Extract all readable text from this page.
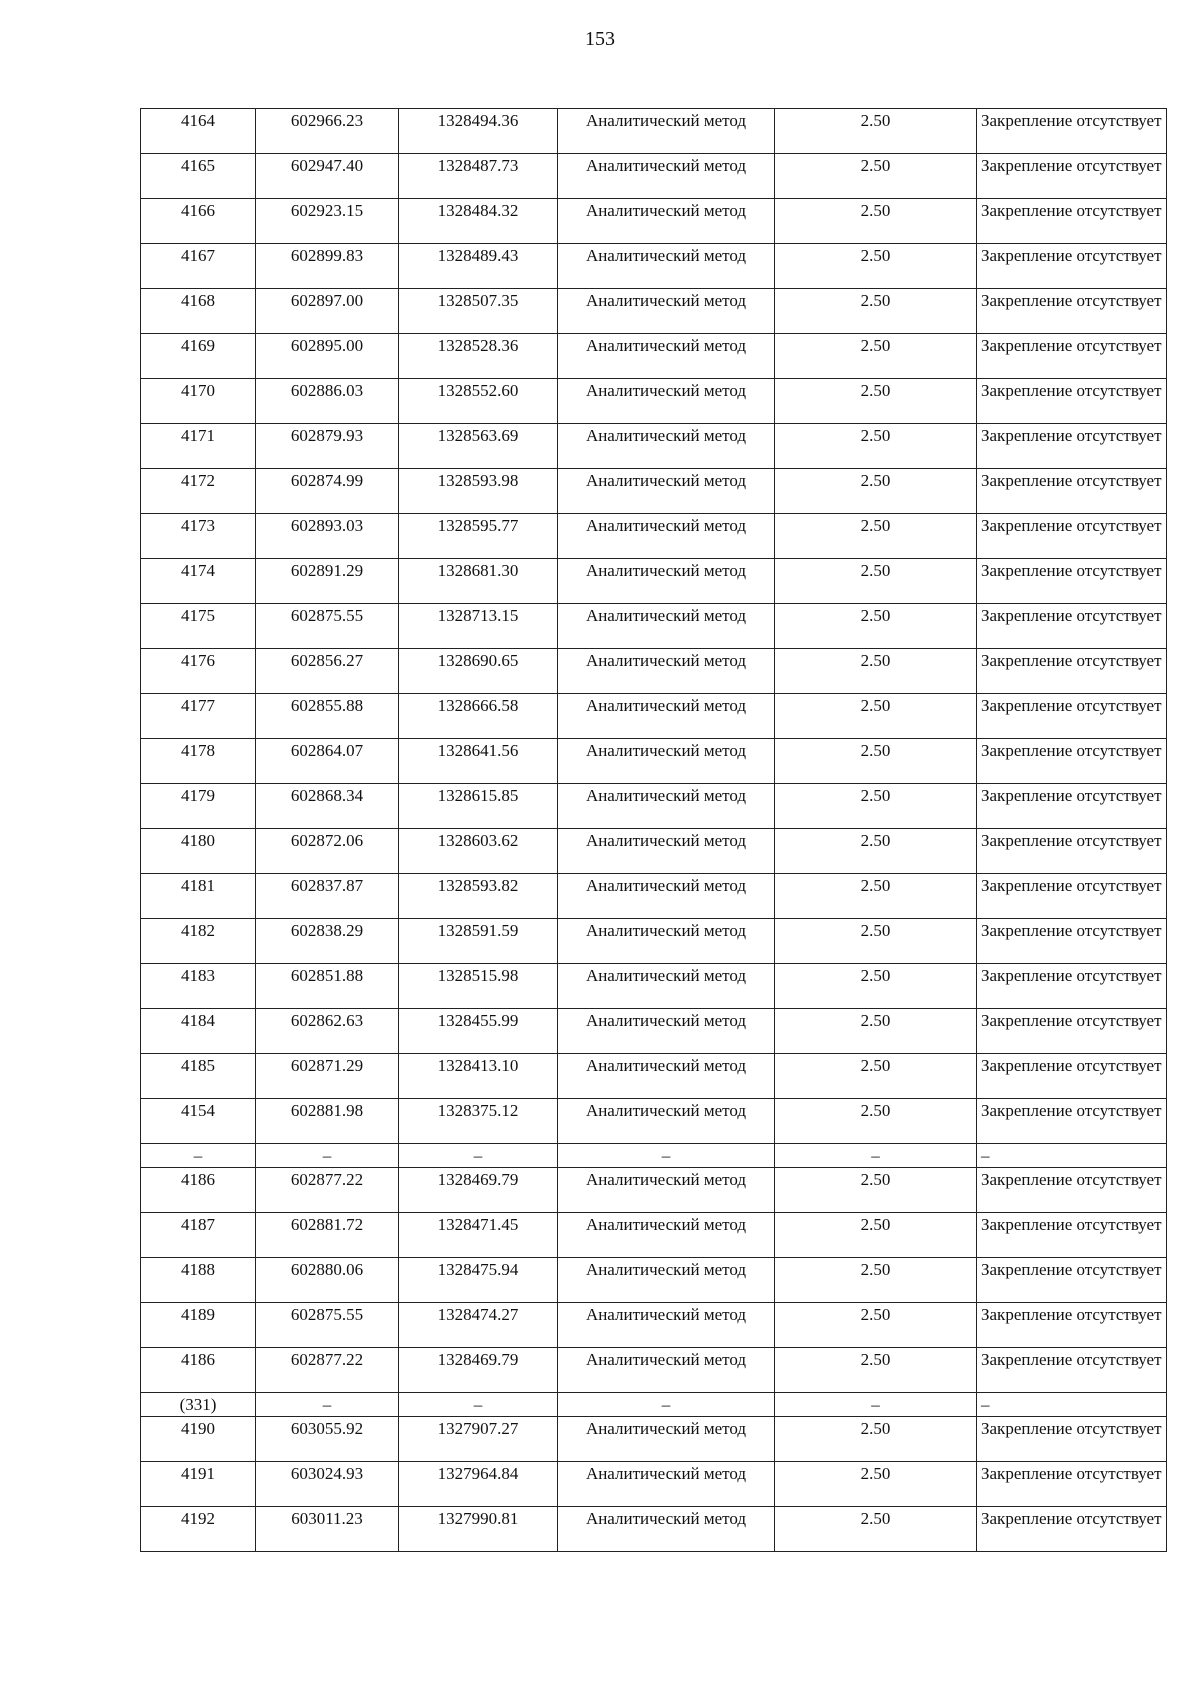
153
4164	602966.23	1328494.36	Аналитический метод	2.50	Закрепление отсутствует
4165	602947.40	1328487.73	Аналитический метод	2.50	Закрепление отсутствует
4166	602923.15	1328484.32	Аналитический метод	2.50	Закрепление отсутствует
4167	602899.83	1328489.43	Аналитический метод	2.50	Закрепление отсутствует
4168	602897.00	1328507.35	Аналитический метод	2.50	Закрепление отсутствует
4169	602895.00	1328528.36	Аналитический метод	2.50	Закрепление отсутствует
4170	602886.03	1328552.60	Аналитический метод	2.50	Закрепление отсутствует
4171	602879.93	1328563.69	Аналитический метод	2.50	Закрепление отсутствует
4172	602874.99	1328593.98	Аналитический метод	2.50	Закрепление отсутствует
4173	602893.03	1328595.77	Аналитический метод	2.50	Закрепление отсутствует
4174	602891.29	1328681.30	Аналитический метод	2.50	Закрепление отсутствует
4175	602875.55	1328713.15	Аналитический метод	2.50	Закрепление отсутствует
4176	602856.27	1328690.65	Аналитический метод	2.50	Закрепление отсутствует
4177	602855.88	1328666.58	Аналитический метод	2.50	Закрепление отсутствует
4178	602864.07	1328641.56	Аналитический метод	2.50	Закрепление отсутствует
4179	602868.34	1328615.85	Аналитический метод	2.50	Закрепление отсутствует
4180	602872.06	1328603.62	Аналитический метод	2.50	Закрепление отсутствует
4181	602837.87	1328593.82	Аналитический метод	2.50	Закрепление отсутствует
4182	602838.29	1328591.59	Аналитический метод	2.50	Закрепление отсутствует
4183	602851.88	1328515.98	Аналитический метод	2.50	Закрепление отсутствует
4184	602862.63	1328455.99	Аналитический метод	2.50	Закрепление отсутствует
4185	602871.29	1328413.10	Аналитический метод	2.50	Закрепление отсутствует
4154	602881.98	1328375.12	Аналитический метод	2.50	Закрепление отсутствует
–	–	–	–	–	–
4186	602877.22	1328469.79	Аналитический метод	2.50	Закрепление отсутствует
4187	602881.72	1328471.45	Аналитический метод	2.50	Закрепление отсутствует
4188	602880.06	1328475.94	Аналитический метод	2.50	Закрепление отсутствует
4189	602875.55	1328474.27	Аналитический метод	2.50	Закрепление отсутствует
4186	602877.22	1328469.79	Аналитический метод	2.50	Закрепление отсутствует
(331)	–	–	–	–	–
4190	603055.92	1327907.27	Аналитический метод	2.50	Закрепление отсутствует
4191	603024.93	1327964.84	Аналитический метод	2.50	Закрепление отсутствует
4192	603011.23	1327990.81	Аналитический метод	2.50	Закрепление отсутствует
